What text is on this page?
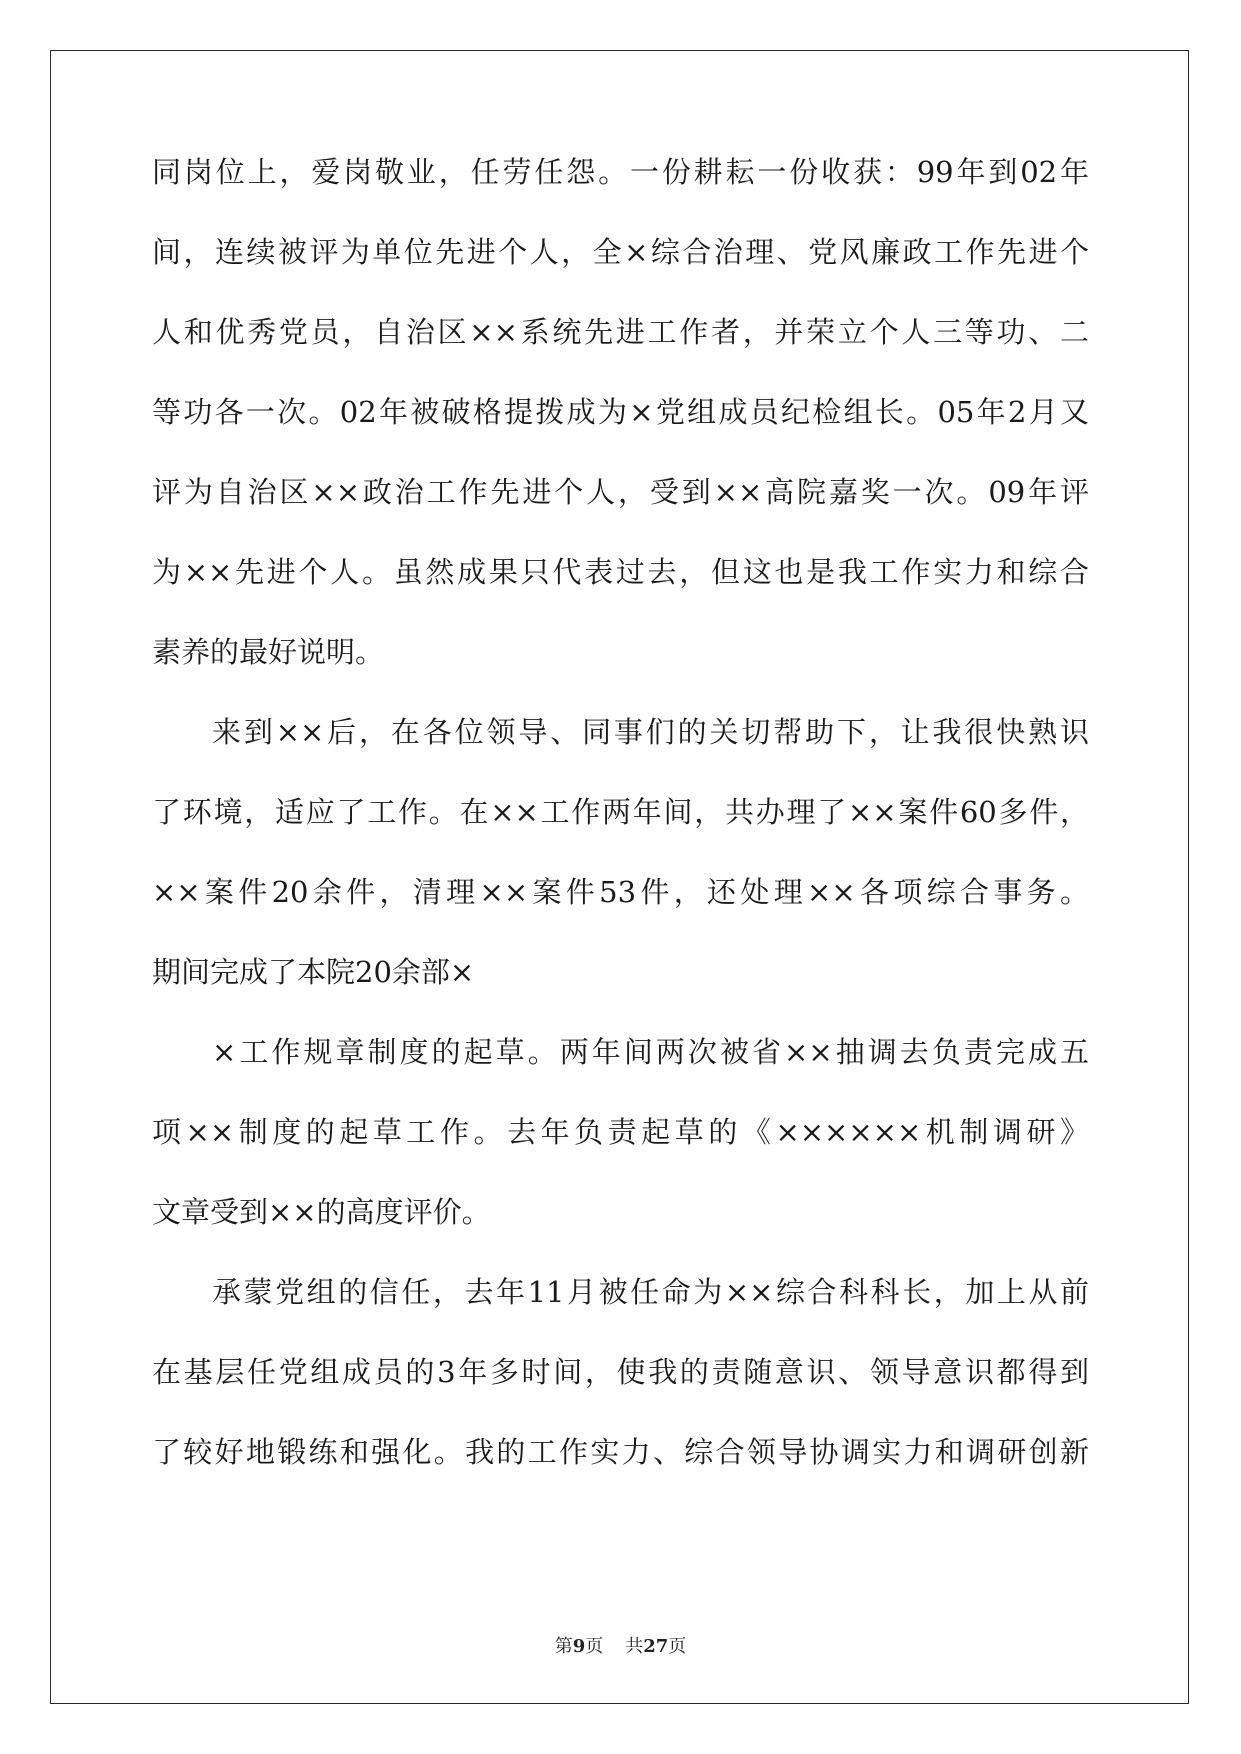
同岗位上，爱岗敬业，任劳任怨。一份耕耘一份收获：99年到02年
间，连续被评为单位先进个人，全×综合治理、党风廉政工作先进个
人和优秀党员，自治区××系统先进工作者，并荣立个人三等功、二
等功各一次。02年被破格提拨成为×党组成员纪检组长。05年2月又
评为自治区××政治工作先进个人，受到××高院嘉奖一次。09年评
为××先进个人。虽然成果只代表过去，但这也是我工作实力和综合
素养的最好说明。
来到××后，在各位领导、同事们的关切帮助下，让我很快熟识
了环境，适应了工作。在××工作两年间，共办理了××案件60多件，
××案件20余件，清理××案件53件，还处理××各项综合事务。
期间完成了本院20余部×
×工作规章制度的起草。两年间两次被省××抽调去负责完成五
项××制度的起草工作。去年负责起草的《××××××机制调研》
文章受到××的高度评价。
承蒙党组的信任，去年11月被任命为××综合科科长，加上从前
在基层任党组成员的3年多时间，使我的责随意识、领导意识都得到
了较好地锻练和强化。我的工作实力、综合领导协调实力和调研创新
第9页 共27页
